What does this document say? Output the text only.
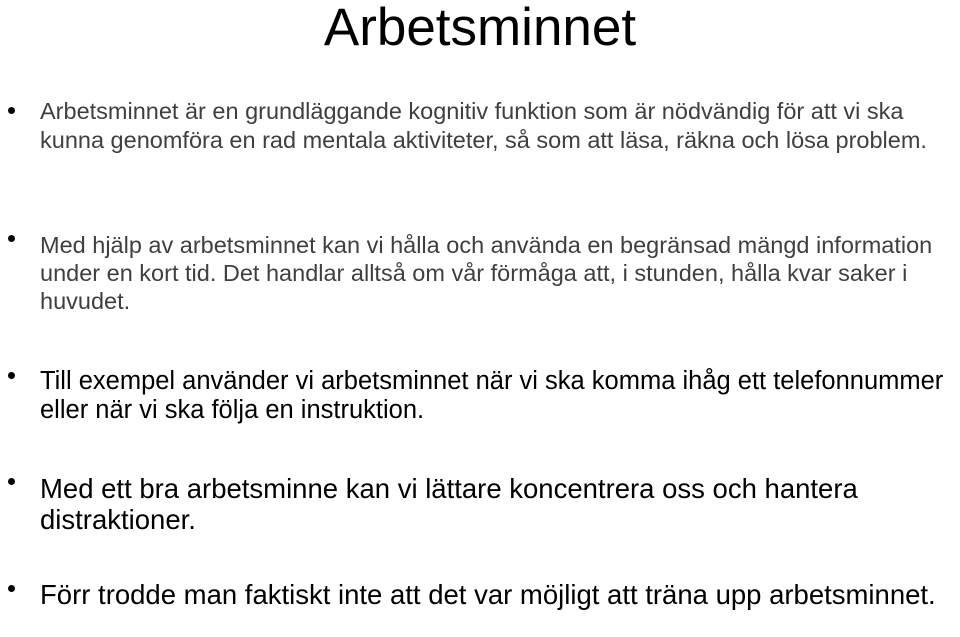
Arbetsminnet
Arbetsminnet är en grundläggande kognitiv funktion som är nödvändig för att vi ska kunna genomföra en rad mentala aktiviteter, så som att läsa, räkna och lösa problem.
Med hjälp av arbetsminnet kan vi hålla och använda en begränsad mängd information under en kort tid. Det handlar alltså om vår förmåga att, i stunden, hålla kvar saker i huvudet.
Till exempel använder vi arbetsminnet när vi ska komma ihåg ett telefonnummer eller när vi ska följa en instruktion.
Med ett bra arbetsminne kan vi lättare koncentrera oss och hantera distraktioner.
Förr trodde man faktiskt inte att det var möjligt att träna upp arbetsminnet.
